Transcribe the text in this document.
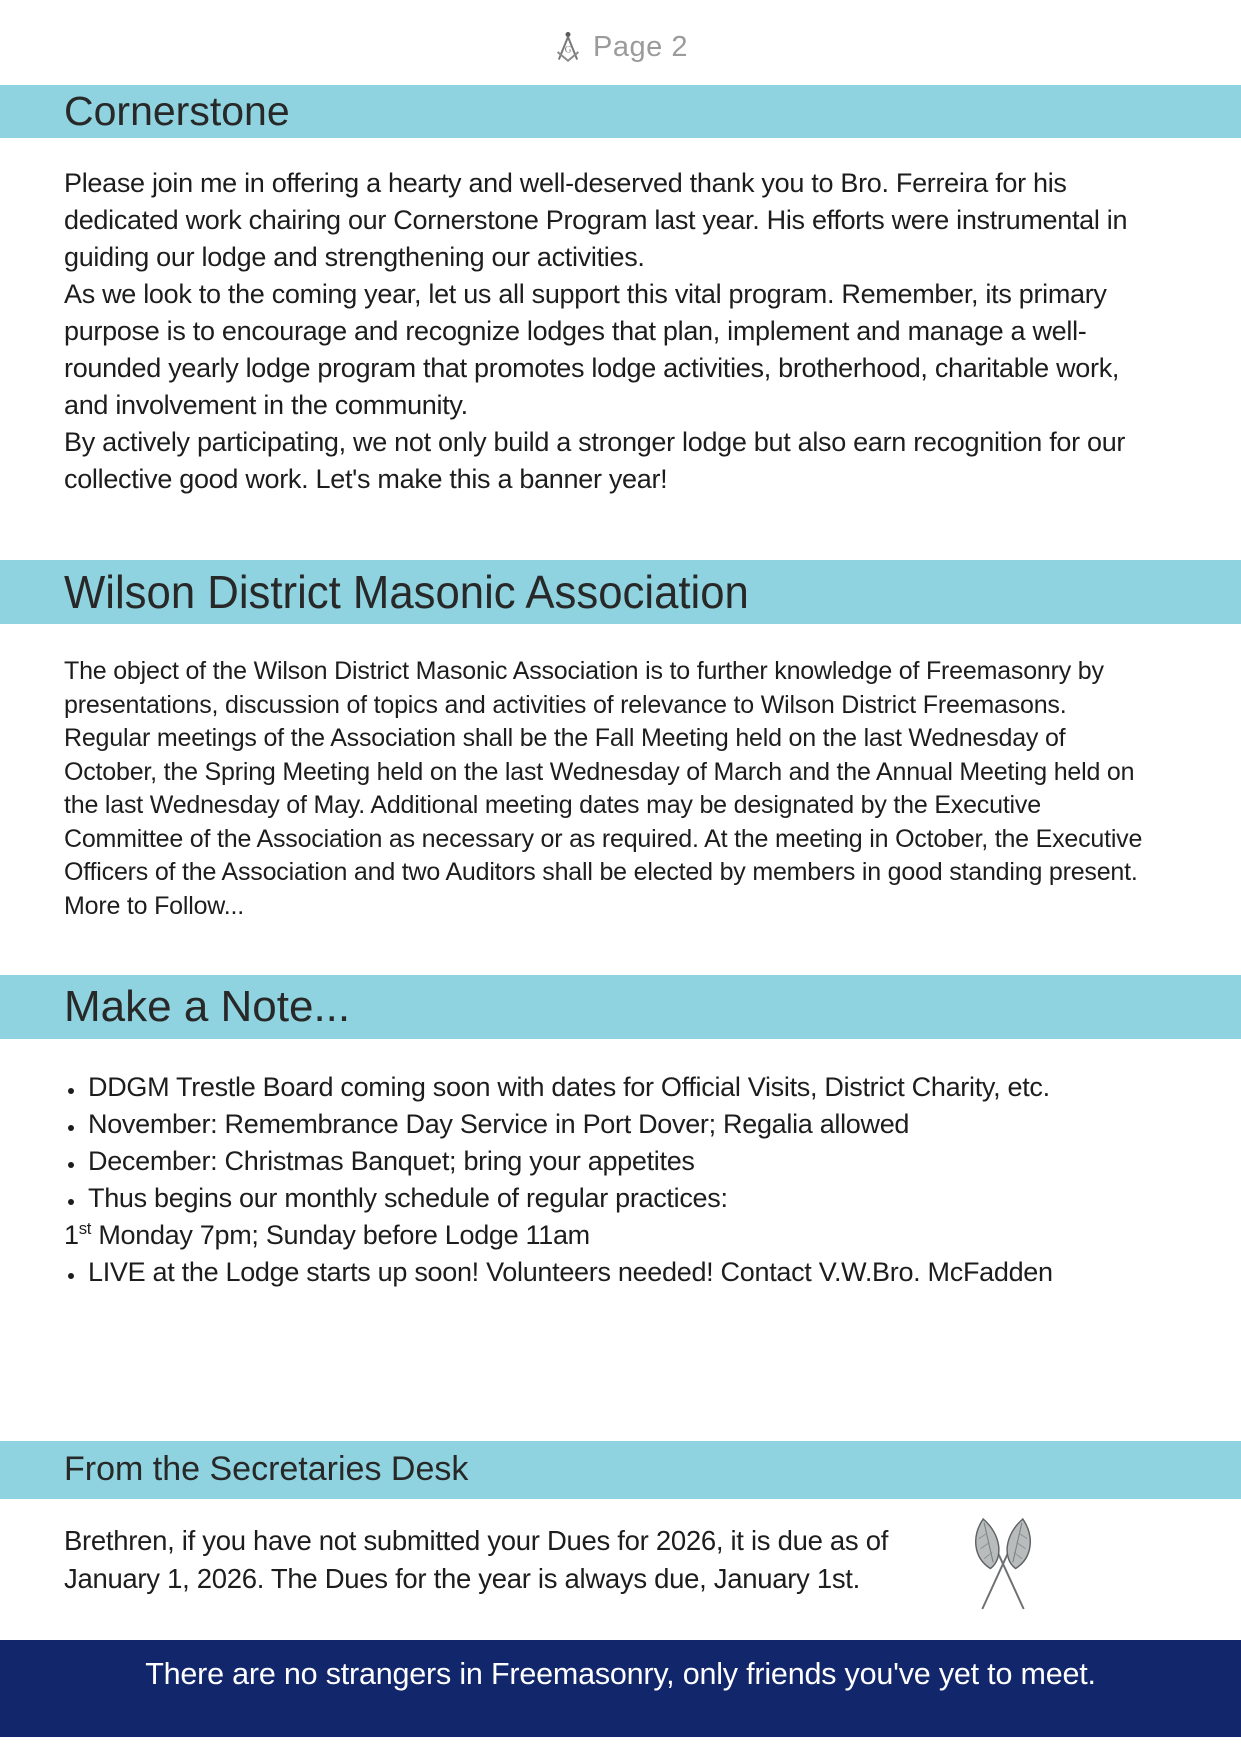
G Page 2
Cornerstone

Please join me in offering a hearty and well-deserved thank you to Bro. Ferreira for his dedicated work chairing our Cornerstone Program last year. His efforts were instrumental in guiding our lodge and strengthening our activities.

As we look to the coming year, let us all support this vital program. Remember, its primary purpose is to encourage and recognize lodges that plan, implement and manage a well-rounded yearly lodge program that promotes lodge activities, brotherhood, charitable work, and involvement in the community.

By actively participating, we not only build a stronger lodge but also earn recognition for our collective good work. Let's make this a banner year!

Wilson District Masonic Association

The object of the Wilson District Masonic Association is to further knowledge of Freemasonry by presentations, discussion of topics and activities of relevance to Wilson District Freemasons. Regular meetings of the Association shall be the Fall Meeting held on the last Wednesday of October, the Spring Meeting held on the last Wednesday of March and the Annual Meeting held on the last Wednesday of May. Additional meeting dates may be designated by the Executive Committee of the Association as necessary or as required. At the meeting in October, the Executive Officers of the Association and two Auditors shall be elected by members in good standing present. More to Follow...

Make a Note...
• DDGM Trestle Board coming soon with dates for Official Visits, District Charity, etc.
• November: Remembrance Day Service in Port Dover; Regalia allowed
• December: Christmas Banquet; bring your appetites
• Thus begins our monthly schedule of regular practices:

1st Monday 7pm; Sunday before Lodge 11am

• LIVE at the Lodge starts up soon! Volunteers needed! Contact V.W.Bro. McFadden
From the Secretaries Desk

Brethren, if you have not submitted your Dues for 2026, it is due as of January 1, 2026. The Dues for the year is always due, January 1st.

There are no strangers in Freemasonry, only friends you've yet to meet.
